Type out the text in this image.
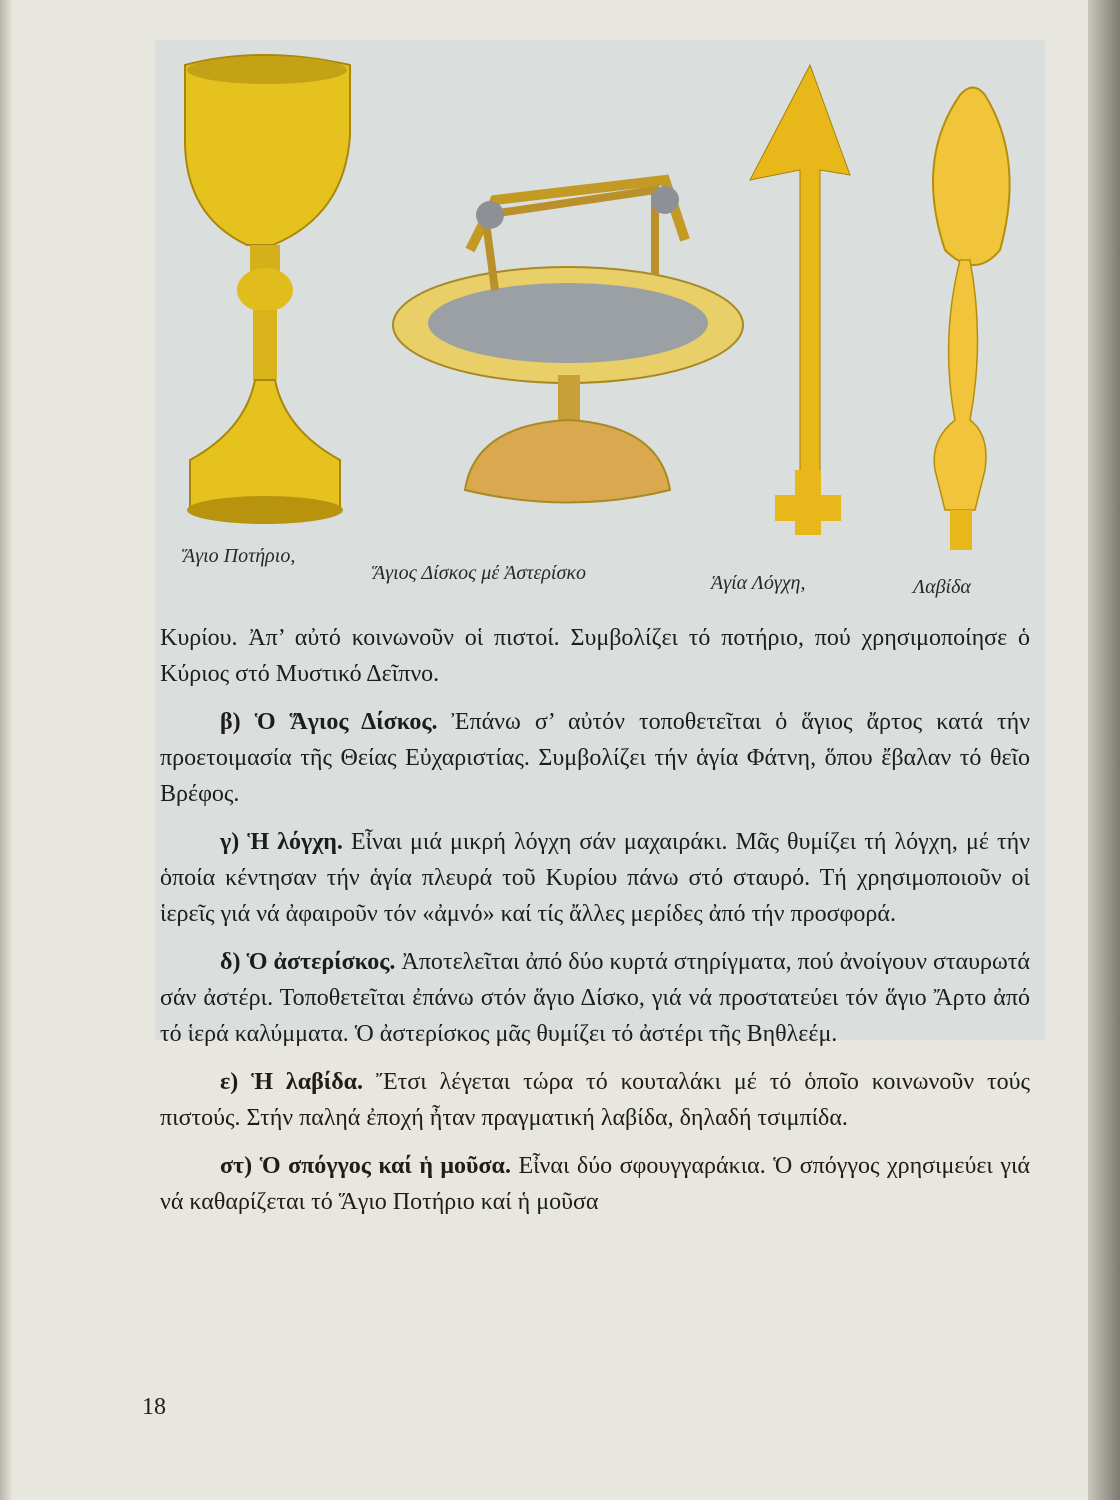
Ἅγιο Ποτήριο,
Ἅγιος Δίσκος μέ Ἀστερίσκο	Ἁγία Λόγχη,	Λαβίδα

Κυρίου. Ἀπ’ αὐτό κοινωνοῦν οἱ πιστοί. Συμβολίζει τό ποτήριο, πού χρησιμοποίησε ὁ Κύριος στό Μυστικό Δεῖπνο.

β) Ὁ Ἅγιος Δίσκος. Ἐπάνω σ’ αὐτόν τοποθετεῖται ὁ ἅγιος ἄρτος κατά τήν προετοιμασία τῆς Θείας Εὐχαριστίας. Συμβολίζει τήν ἁγία Φάτνη, ὅπου ἔβαλαν τό θεῖο Βρέφος.

γ) Ἡ λόγχη. Εἶναι μιά μικρή λόγχη σάν μαχαιράκι. Μᾶς θυμίζει τή λόγχη, μέ τήν ὁποία κέντησαν τήν ἁγία πλευρά τοῦ Κυρίου πάνω στό σταυρό. Τή χρησιμοποιοῦν οἱ ἱερεῖς γιά νά ἀφαιροῦν τόν «ἀμνό» καί τίς ἄλλες μερίδες ἀπό τήν προσφορά.

δ) Ὁ ἀστερίσκος. Ἀποτελεῖται ἀπό δύο κυρτά στηρίγματα, πού ἀνοίγουν σταυρωτά σάν ἀστέρι. Τοποθετεῖται ἐπάνω στόν ἅγιο Δίσκο, γιά νά προστατεύει τόν ἅγιο Ἄρτο ἀπό τό ἱερά καλύμματα. Ὁ ἀστερίσκος μᾶς θυμίζει τό ἀστέρι τῆς Βηθλεέμ.

ε) Ἡ λαβίδα. Ἔτσι λέγεται τώρα τό κουταλάκι μέ τό ὁποῖο κοινωνοῦν τούς πιστούς. Στήν παληά ἐποχή ἦταν πραγματική λαβίδα, δηλαδή τσιμπίδα.

στ) Ὁ σπόγγος καί ἡ μοῦσα. Εἶναι δύο σφουγγαράκια. Ὁ σπόγγος χρησιμεύει γιά νά καθαρίζεται τό Ἅγιο Ποτήριο καί ἡ μοῦσα

18
